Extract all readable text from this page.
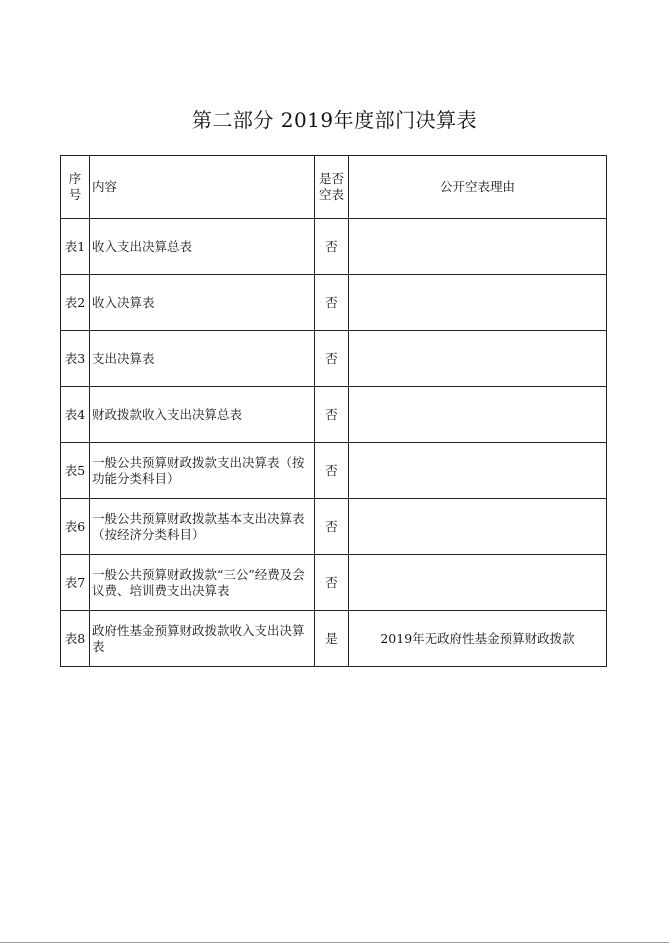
第二部分 2019年度部门决算表
序号	内容	是否空表	公开空表理由
表1	收入支出决算总表	否	
表2	收入决算表	否	
表3	支出决算表	否	
表4	财政拨款收入支出决算总表	否	
表5	一般公共预算财政拨款支出决算表（按功能分类科目）	否	
表6	一般公共预算财政拨款基本支出决算表（按经济分类科目）	否	
表7	一般公共预算财政拨款“三公”经费及会议费、培训费支出决算表	否	
表8	政府性基金预算财政拨款收入支出决算表	是	2019年无政府性基金预算财政拨款
